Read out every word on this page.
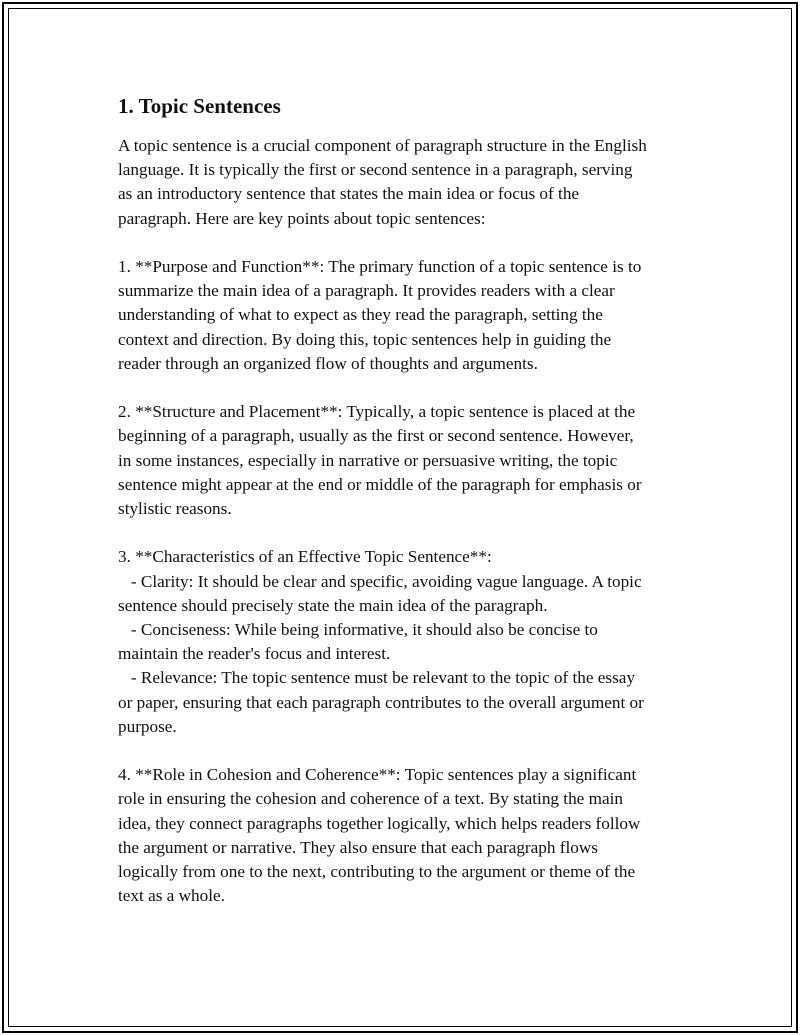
1. Topic Sentences
A topic sentence is a crucial component of paragraph structure in the English
language. It is typically the first or second sentence in a paragraph, serving
as an introductory sentence that states the main idea or focus of the
paragraph. Here are key points about topic sentences:
1. **Purpose and Function**: The primary function of a topic sentence is to
summarize the main idea of a paragraph. It provides readers with a clear
understanding of what to expect as they read the paragraph, setting the
context and direction. By doing this, topic sentences help in guiding the
reader through an organized flow of thoughts and arguments.
2. **Structure and Placement**: Typically, a topic sentence is placed at the
beginning of a paragraph, usually as the first or second sentence. However,
in some instances, especially in narrative or persuasive writing, the topic
sentence might appear at the end or middle of the paragraph for emphasis or
stylistic reasons.
3. **Characteristics of an Effective Topic Sentence**:
- Clarity: It should be clear and specific, avoiding vague language. A topic
sentence should precisely state the main idea of the paragraph.
- Conciseness: While being informative, it should also be concise to
maintain the reader's focus and interest.
- Relevance: The topic sentence must be relevant to the topic of the essay
or paper, ensuring that each paragraph contributes to the overall argument or
purpose.
4. **Role in Cohesion and Coherence**: Topic sentences play a significant
role in ensuring the cohesion and coherence of a text. By stating the main
idea, they connect paragraphs together logically, which helps readers follow
the argument or narrative. They also ensure that each paragraph flows
logically from one to the next, contributing to the argument or theme of the
text as a whole.
